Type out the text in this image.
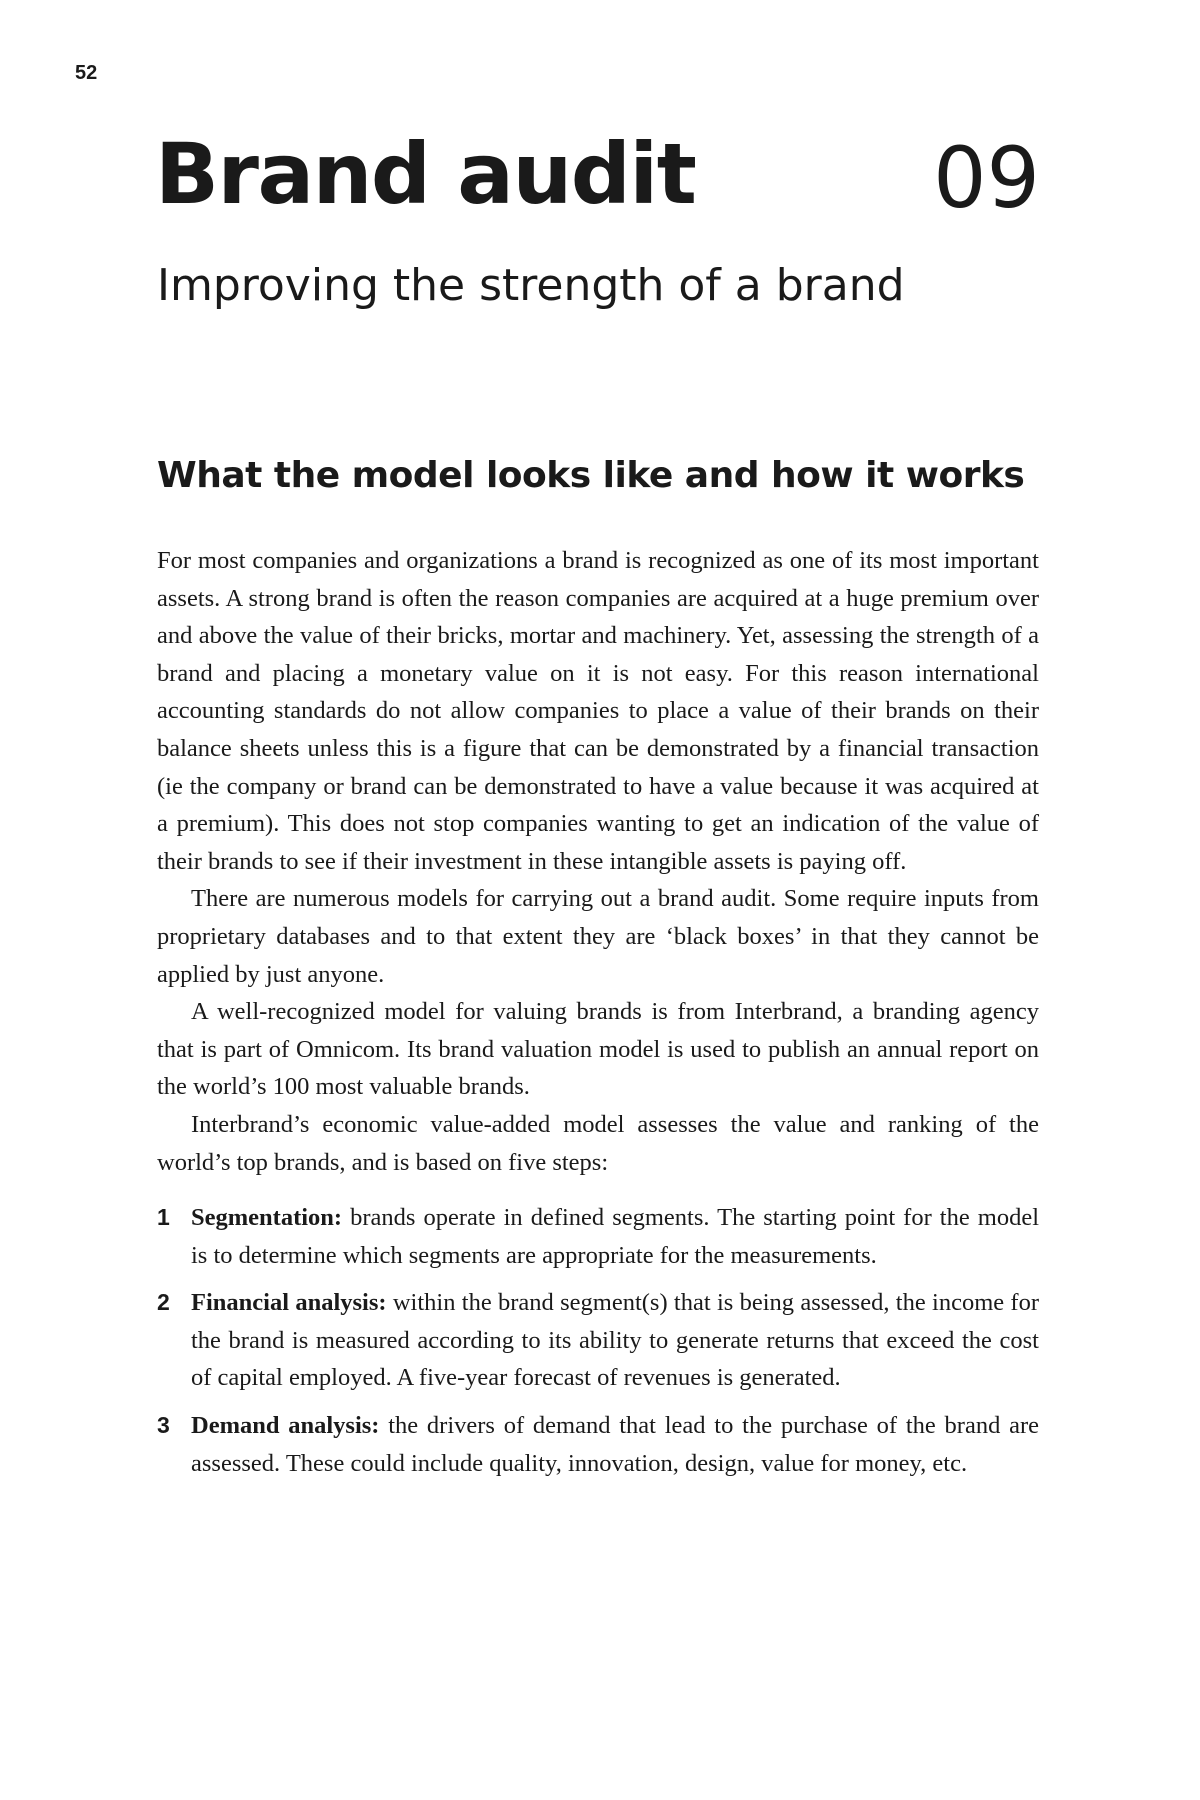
52
Brand audit	09
Improving the strength of a brand
What the model looks like and how it works

For most companies and organizations a brand is recognized as one of its most important assets. A strong brand is often the reason companies are acquired at a huge premium over and above the value of their bricks, mortar and machinery. Yet, assessing the strength of a brand and placing a monetary value on it is not easy. For this reason international accounting standards do not allow companies to place a value of their brands on their balance sheets unless this is a figure that can be demonstrated by a financial transaction (ie the company or brand can be demonstrated to have a value because it was acquired at a premium). This does not stop companies wanting to get an indication of the value of their brands to see if their investment in these intangible assets is paying off.

There are numerous models for carrying out a brand audit. Some require inputs from proprietary databases and to that extent they are ‘black boxes’ in that they cannot be applied by just anyone.

A well-recognized model for valuing brands is from Interbrand, a branding agency that is part of Omnicom. Its brand valuation model is used to publish an annual report on the world’s 100 most valuable brands.

Interbrand’s economic value-added model assesses the value and ranking of the world’s top brands, and is based on five steps:

1 Segmentation: brands operate in defined segments. The starting point for the model is to determine which segments are appropriate for the measurements.
2 Financial analysis: within the brand segment(s) that is being assessed, the income for the brand is measured according to its ability to generate returns that exceed the cost of capital employed. A five-year forecast of revenues is generated.
3 Demand analysis: the drivers of demand that lead to the purchase of the brand are assessed. These could include quality, innovation, design, value for money, etc.
